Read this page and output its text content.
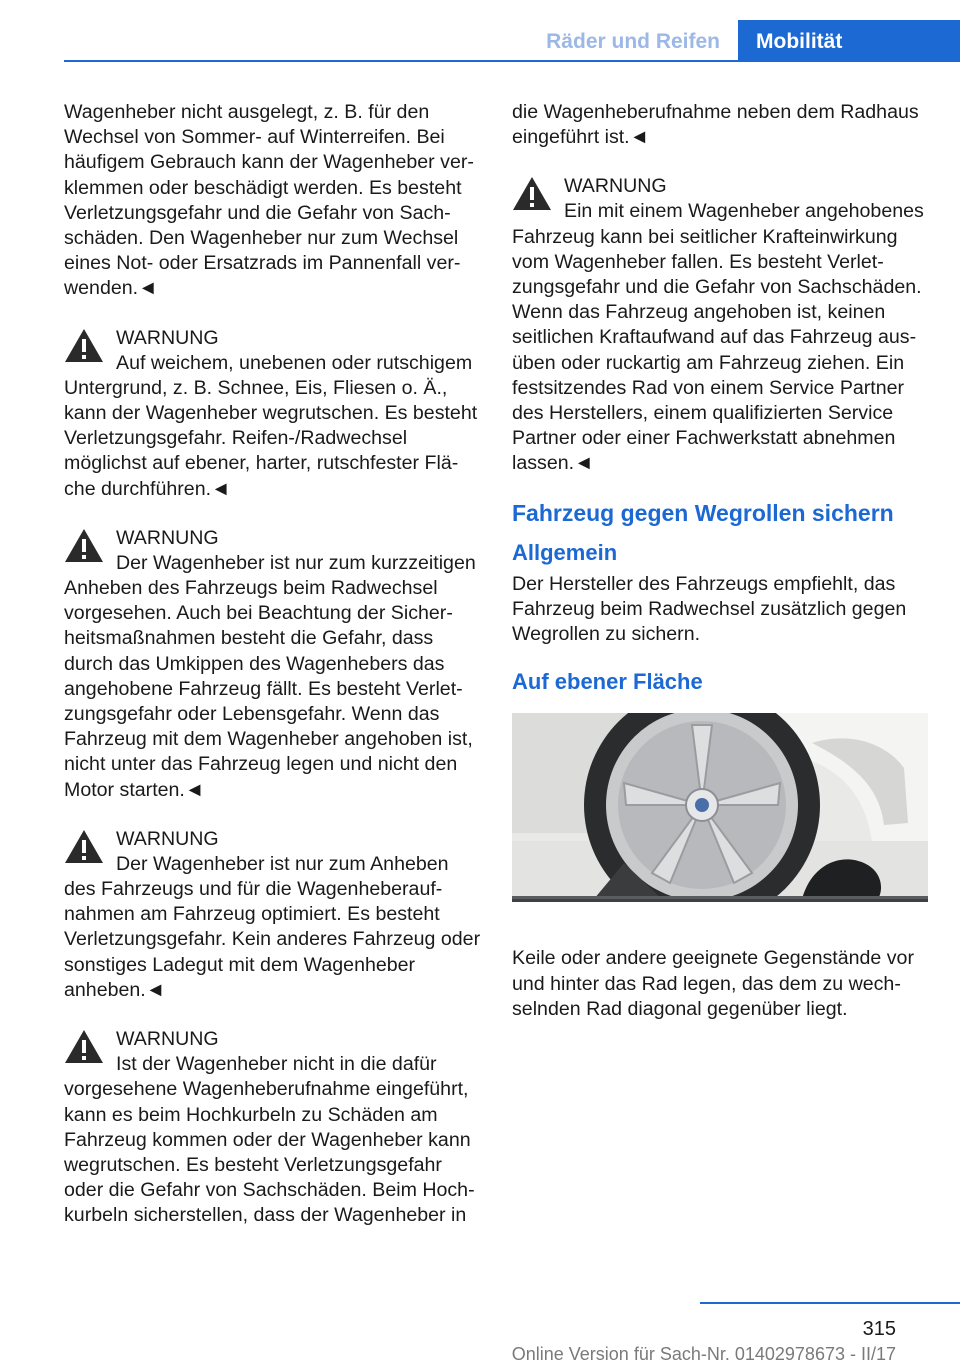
Räder und Reifen	Mobilität

Wagenheber nicht ausgelegt, z. B. für den Wechsel von Sommer- auf Winterreifen. Bei häufigem Gebrauch kann der Wagenheber verklemmen oder beschädigt werden. Es besteht Verletzungsgefahr und die Gefahr von Sachschäden. Den Wagenheber nur zum Wechsel eines Not- oder Ersatzrads im Pannenfall verwenden.◄

WARNUNG
Auf weichem, unebenen oder rutschigem Untergrund, z. B. Schnee, Eis, Fliesen o. Ä., kann der Wagenheber wegrutschen. Es besteht Verletzungsgefahr. Reifen-/Radwechsel möglichst auf ebener, harter, rutschfester Fläche durchführen.◄
WARNUNG
Der Wagenheber ist nur zum kurzzeitigen Anheben des Fahrzeugs beim Radwechsel vorgesehen. Auch bei Beachtung der Sicherheitsmaßnahmen besteht die Gefahr, dass durch das Umkippen des Wagenhebers das angehobene Fahrzeug fällt. Es besteht Verletzungsgefahr oder Lebensgefahr. Wenn das Fahrzeug mit dem Wagenheber angehoben ist, nicht unter das Fahrzeug legen und nicht den Motor starten.◄
WARNUNG
Der Wagenheber ist nur zum Anheben des Fahrzeugs und für die Wagenheberaufnahmen am Fahrzeug optimiert. Es besteht Verletzungsgefahr. Kein anderes Fahrzeug oder sonstiges Ladegut mit dem Wagenheber anheben.◄
WARNUNG
Ist der Wagenheber nicht in die dafür vorgesehene Wagenheberufnahme eingeführt, kann es beim Hochkurbeln zu Schäden am Fahrzeug kommen oder der Wagenheber kann wegrutschen. Es besteht Verletzungsgefahr oder die Gefahr von Sachschäden. Beim Hochkurbeln sicherstellen, dass der Wagenheber in

die Wagenheberufnahme neben dem Radhaus eingeführt ist.◄

WARNUNG
Ein mit einem Wagenheber angehobenes Fahrzeug kann bei seitlicher Krafteinwirkung vom Wagenheber fallen. Es besteht Verletzungsgefahr und die Gefahr von Sachschäden. Wenn das Fahrzeug angehoben ist, keinen seitlichen Kraftaufwand auf das Fahrzeug ausüben oder ruckartig am Fahrzeug ziehen. Ein festsitzendes Rad von einem Service Partner des Herstellers, einem qualifizierten Service Partner oder einer Fachwerkstatt abnehmen lassen.◄
Fahrzeug gegen Wegrollen sichern
Allgemein

Der Hersteller des Fahrzeugs empfiehlt, das Fahrzeug beim Radwechsel zusätzlich gegen Wegrollen zu sichern.

Auf ebener Fläche

Keile oder andere geeignete Gegenstände vor und hinter das Rad legen, das dem zu wechselnden Rad diagonal gegenüber liegt.

315
Online Version für Sach-Nr. 01402978673 - II/17
